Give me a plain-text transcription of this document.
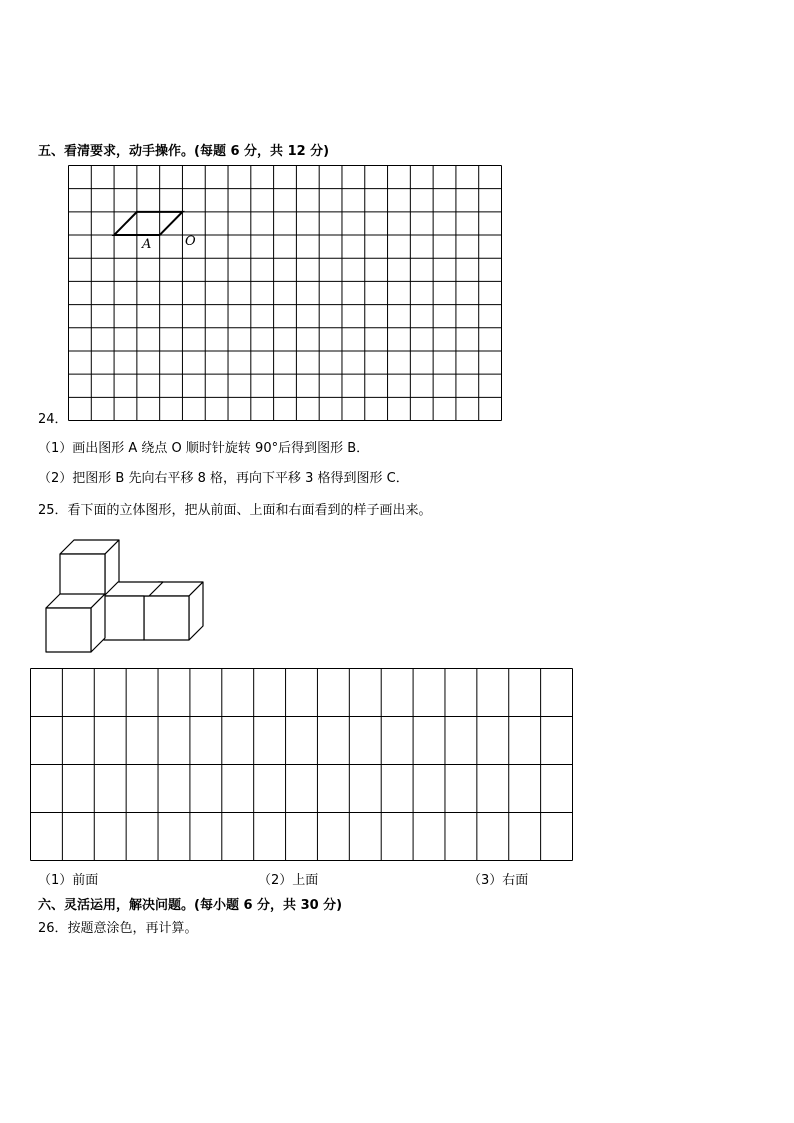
五、看清要求，动手操作。(每题 6 分，共 12 分)
A	O
24．
（1）画出图形 A 绕点 O 顺时针旋转 90°后得到图形 B．
（2）把图形 B 先向右平移 8 格，再向下平移 3 格得到图形 C．
25．看下面的立体图形，把从前面、上面和右面看到的样子画出来。
（1）前面	（2）上面	（3）右面
六、灵活运用，解决问题。(每小题 6 分，共 30 分)
26．按题意涂色，再计算。
